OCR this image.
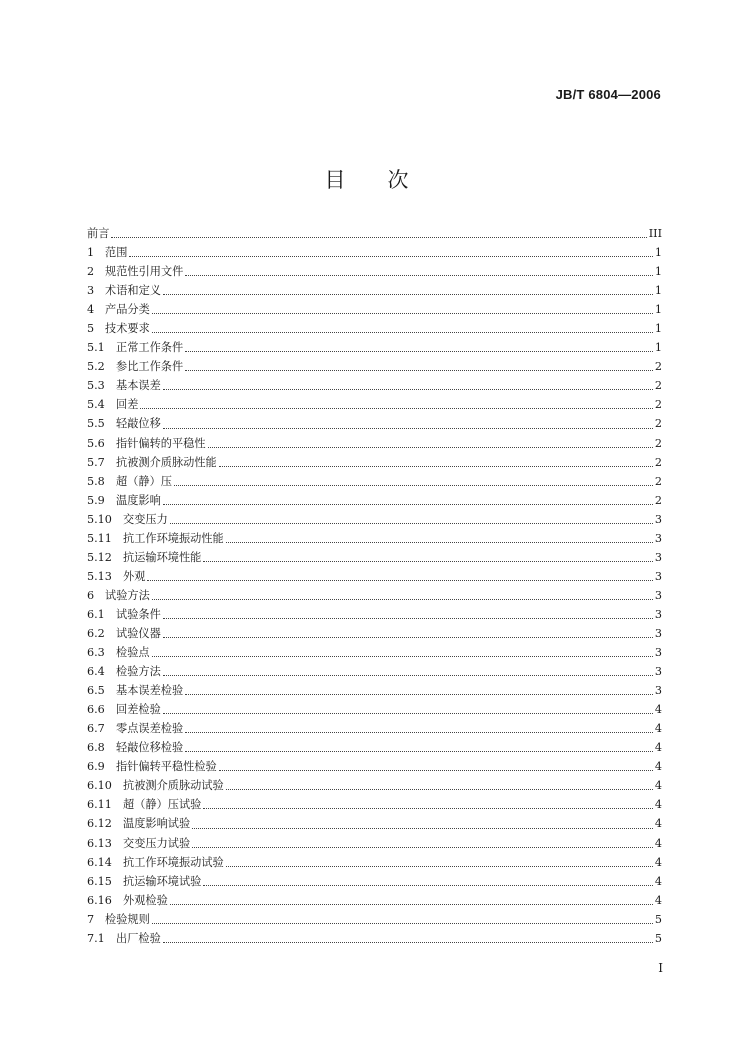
JB/T 6804—2006
目 次
前言	III
1 范围	1
2 规范性引用文件	1
3 术语和定义	1
4 产品分类	1
5 技术要求	1
5.1	正常工作条件	1
5.2	参比工作条件	2
5.3	基本误差	2
5.4	回差	2
5.5	轻敲位移	2
5.6	指针偏转的平稳性	2
5.7	抗被测介质脉动性能	2
5.8	超（静）压	2
5.9	温度影响	2
5.10 交变压力	3
5.11 抗工作环境振动性能	3
5.12 抗运输环境性能	3
5.13 外观	3
6 试验方法	3
6.1	试验条件	3
6.2	试验仪器	3
6.3	检验点	3
6.4	检验方法	3
6.5	基本误差检验	3
6.6	回差检验	4
6.7	零点误差检验	4
6.8	轻敲位移检验	4
6.9	指针偏转平稳性检验	4
6.10 抗被测介质脉动试验	4
6.11 超（静）压试验	4
6.12 温度影响试验	4
6.13 交变压力试验	4
6.14 抗工作环境振动试验	4
6.15 抗运输环境试验	4
6.16 外观检验	4
7 检验规则	5
7.1	出厂检验	5
I
